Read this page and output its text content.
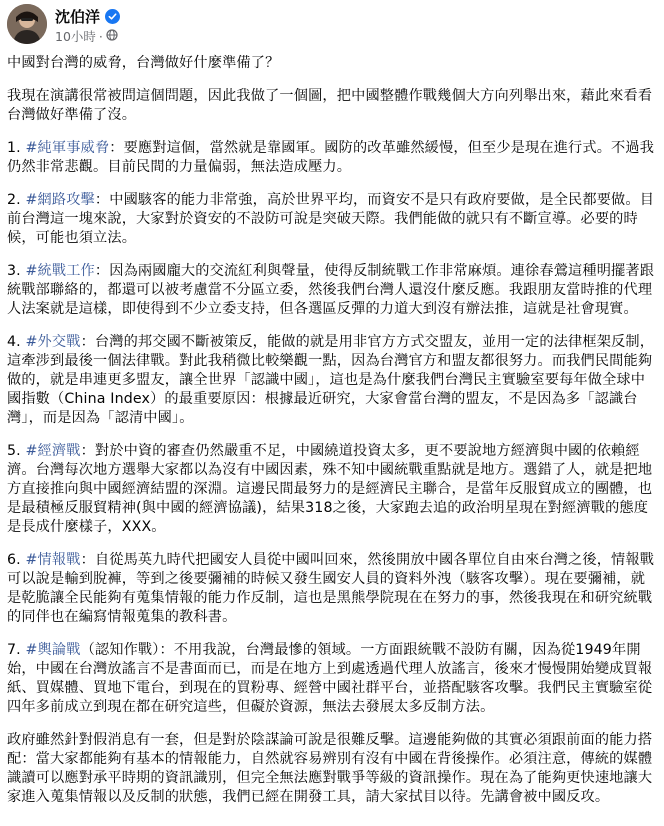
沈伯洋
10小時 ·

中國對台灣的威脅，台灣做好什麼準備了？

我現在演講很常被問這個問題，因此我做了一個圖，把中國整體作戰幾個大方向列舉出來，藉此來看看台灣做好準備了沒。

1. #純軍事威脅：要應對這個，當然就是靠國軍。國防的改革雖然緩慢，但至少是現在進行式。不過我仍然非常悲觀。目前民間的力量偏弱，無法造成壓力。

2. #網路攻擊：中國駭客的能力非常強，高於世界平均，而資安不是只有政府要做，是全民都要做。目前台灣這一塊來說，大家對於資安的不設防可說是突破天際。我們能做的就只有不斷宣導。必要的時候，可能也須立法。

3. #統戰工作：因為兩國龐大的交流紅利與聲量，使得反制統戰工作非常麻煩。連徐春鶯這種明擺著跟統戰部聯絡的，都還可以被考慮當不分區立委，然後我們台灣人還沒什麼反應。我跟朋友當時推的代理人法案就是這樣，即使得到不少立委支持，但各選區反彈的力道大到沒有辦法推，這就是社會現實。

4. #外交戰：台灣的邦交國不斷被策反，能做的就是用非官方方式交盟友，並用一定的法律框架反制，這牽涉到最後一個法律戰。對此我稍微比較樂觀一點，因為台灣官方和盟友都很努力。而我們民間能夠做的，就是串連更多盟友，讓全世界「認識中國」，這也是為什麼我們台灣民主實驗室要每年做全球中國指數（China Index）的最重要原因：根據最近研究，大家會當台灣的盟友，不是因為多「認識台灣」，而是因為「認清中國」。

5. #經濟戰：對於中資的審查仍然嚴重不足，中國繞道投資太多，更不要說地方經濟與中國的依賴經濟。台灣每次地方選舉大家都以為沒有中國因素，殊不知中國統戰重點就是地方。選錯了人，就是把地方直接推向與中國經濟結盟的深淵。這邊民間最努力的是經濟民主聯合，是當年反服貿成立的團體，也是最積極反服貿精神(與中國的經濟協議)，結果318之後，大家跑去追的政治明星現在對經濟戰的態度是長成什麼樣子，XXX。

6. #情報戰：自從馬英九時代把國安人員從中國叫回來，然後開放中國各單位自由來台灣之後，情報戰可以說是輸到脫褲，等到之後要彌補的時候又發生國安人員的資料外洩（駭客攻擊）。現在要彌補，就是乾脆讓全民能夠有蒐集情報的能力作反制，這也是黑熊學院現在在努力的事，然後我現在和研究統戰的同伴也在編寫情報蒐集的教科書。

7. #輿論戰（認知作戰）：不用我說，台灣最慘的領域。一方面跟統戰不設防有關，因為從1949年開始，中國在台灣放謠言不是書面而已，而是在地方上到處透過代理人放謠言，後來才慢慢開始變成買報紙、買媒體、買地下電台，到現在的買粉專、經營中國社群平台，並搭配駭客攻擊。我們民主實驗室從四年多前成立到現在都在研究這些，但礙於資源，無法去發展太多反制方法。

政府雖然針對假消息有一套，但是對於陰謀論可說是很難反擊。這邊能夠做的其實必須跟前面的能力搭配：當大家都能夠有基本的情報能力，自然就容易辨別有沒有中國在背後操作。必須注意，傳統的媒體識讀可以應對承平時期的資訊識別，但完全無法應對戰爭等級的資訊操作。現在為了能夠更快速地讓大家進入蒐集情報以及反制的狀態，我們已經在開發工具，請大家拭目以待。先講會被中國反攻。
